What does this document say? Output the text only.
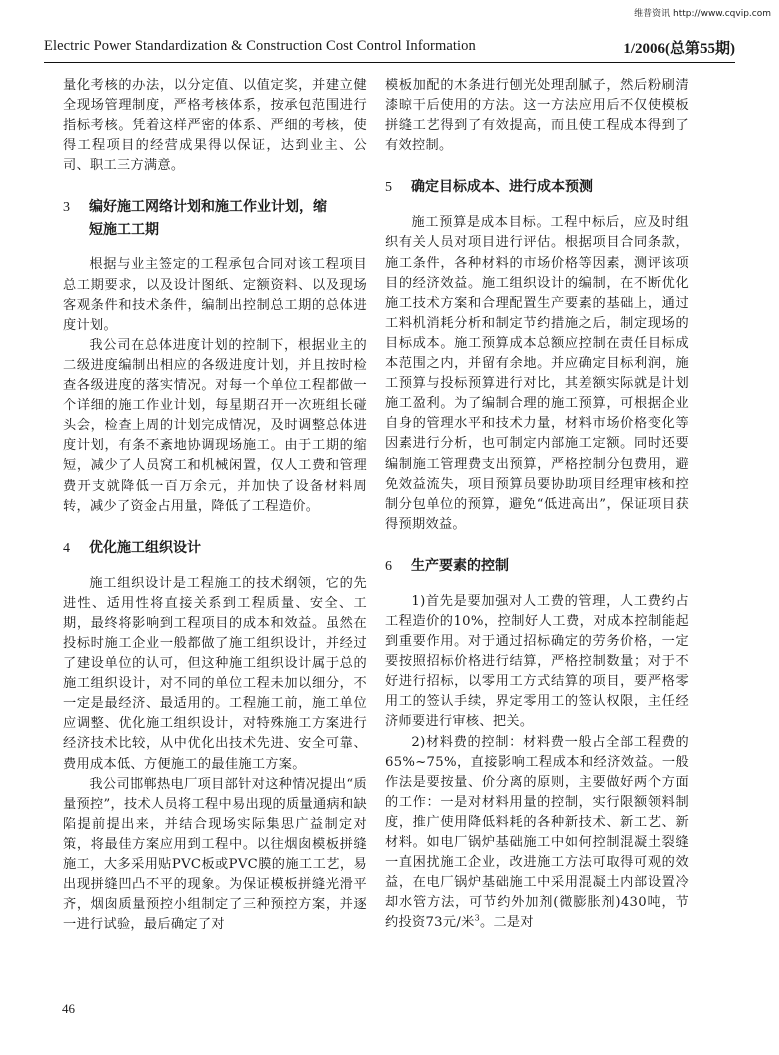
维普资讯 http://www.cqvip.com
Electric Power Standardization & Construction Cost Control Information	1/2006(总第55期)

量化考核的办法，以分定值、以值定奖，并建立健全现场管理制度，严格考核体系，按承包范围进行指标考核。凭着这样严密的体系、严细的考核，使得工程项目的经营成果得以保证，达到业主、公司、职工三方满意。

3 编好施工网络计划和施工作业计划，缩
短施工工期

根据与业主签定的工程承包合同对该工程项目总工期要求，以及设计图纸、定额资料、以及现场客观条件和技术条件，编制出控制总工期的总体进度计划。

我公司在总体进度计划的控制下，根据业主的二级进度编制出相应的各级进度计划，并且按时检查各级进度的落实情况。对每一个单位工程都做一个详细的施工作业计划，每星期召开一次班组长碰头会，检查上周的计划完成情况，及时调整总体进度计划，有条不紊地协调现场施工。由于工期的缩短，减少了人员窝工和机械闲置，仅人工费和管理费开支就降低一百万余元，并加快了设备材料周转，减少了资金占用量，降低了工程造价。

4 优化施工组织设计

施工组织设计是工程施工的技术纲领，它的先进性、适用性将直接关系到工程质量、安全、工期，最终将影响到工程项目的成本和效益。虽然在投标时施工企业一般都做了施工组织设计，并经过了建设单位的认可，但这种施工组织设计属于总的施工组织设计，对不同的单位工程未加以细分，不一定是最经济、最适用的。工程施工前，施工单位应调整、优化施工组织设计，对特殊施工方案进行经济技术比较，从中优化出技术先进、安全可靠、费用成本低、方便施工的最佳施工方案。

我公司邯郸热电厂项目部针对这种情况提出“质量预控”，技术人员将工程中易出现的质量通病和缺陷提前提出来，并结合现场实际集思广益制定对策，将最佳方案应用到工程中。以往烟囱模板拼缝施工，大多采用贴PVC板或PVC膜的施工工艺，易出现拼缝凹凸不平的现象。为保证模板拼缝光滑平齐，烟囱质量预控小组制定了三种预控方案，并逐一进行试验，最后确定了对

模板加配的木条进行刨光处理刮腻子，然后粉刷清漆晾干后使用的方法。这一方法应用后不仅使模板拼缝工艺得到了有效提高，而且使工程成本得到了有效控制。

5 确定目标成本、进行成本预测

施工预算是成本目标。工程中标后，应及时组织有关人员对项目进行评估。根据项目合同条款，施工条件，各种材料的市场价格等因素，测评该项目的经济效益。施工组织设计的编制，在不断优化施工技术方案和合理配置生产要素的基础上，通过工料机消耗分析和制定节约措施之后，制定现场的目标成本。施工预算成本总额应控制在责任目标成本范围之内，并留有余地。并应确定目标利润，施工预算与投标预算进行对比，其差额实际就是计划施工盈利。为了编制合理的施工预算，可根据企业自身的管理水平和技术力量，材料市场价格变化等因素进行分析，也可制定内部施工定额。同时还要编制施工管理费支出预算，严格控制分包费用，避免效益流失，项目预算员要协助项目经理审核和控制分包单位的预算，避免“低进高出”，保证项目获得预期效益。

6 生产要素的控制

1)首先是要加强对人工费的管理，人工费约占工程造价的10%，控制好人工费，对成本控制能起到重要作用。对于通过招标确定的劳务价格，一定要按照招标价格进行结算，严格控制数量；对于不好进行招标，以零用工方式结算的项目，要严格零用工的签认手续，界定零用工的签认权限，主任经济师要进行审核、把关。

2)材料费的控制：材料费一般占全部工程费的65%~75%，直接影响工程成本和经济效益。一般作法是要按量、价分离的原则，主要做好两个方面的工作：一是对材料用量的控制，实行限额领料制度，推广使用降低料耗的各种新技术、新工艺、新材料。如电厂锅炉基础施工中如何控制混凝土裂缝一直困扰施工企业，改进施工方法可取得可观的效益，在电厂锅炉基础施工中采用混凝土内部设置冷却水管方法，可节约外加剂(微膨胀剂)430吨，节约投资73元/米$^3$。二是对

46
